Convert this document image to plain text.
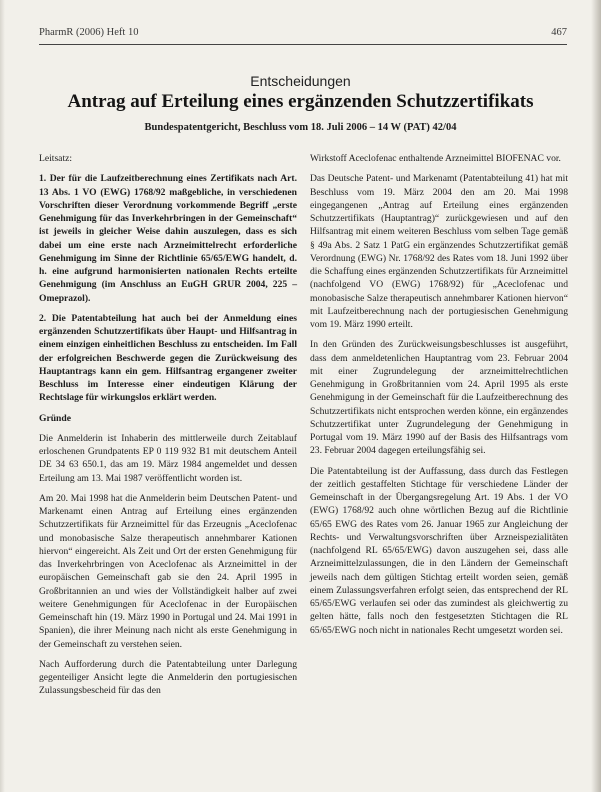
PharmR (2006) Heft 10	467
Entscheidungen
Antrag auf Erteilung eines ergänzenden Schutzzertifikats
Bundespatentgericht, Beschluss vom 18. Juli 2006 – 14 W (PAT) 42/04

Leitsatz:

1. Der für die Laufzeitberechnung eines Zertifikats nach Art. 13 Abs. 1 VO (EWG) 1768/92 maßgebliche, in verschiedenen Vorschriften dieser Verordnung vorkommende Begriff „erste Genehmigung für das Inverkehrbringen in der Gemeinschaft“ ist jeweils in gleicher Weise dahin auszulegen, dass es sich dabei um eine erste nach Arzneimittelrecht erforderliche Genehmigung im Sinne der Richtlinie 65/65/EWG handelt, d. h. eine aufgrund harmonisierten nationalen Rechts erteilte Genehmigung (im Anschluss an EuGH GRUR 2004, 225 – Omeprazol).

2. Die Patentabteilung hat auch bei der Anmeldung eines ergänzenden Schutzzertifikats über Haupt- und Hilfsantrag in einem einzigen einheitlichen Beschluss zu entscheiden. Im Fall der erfolgreichen Beschwerde gegen die Zurückweisung des Hauptantrags kann ein gem. Hilfsantrag ergangener zweiter Beschluss im Interesse einer eindeutigen Klärung der Rechtslage für wirkungslos erklärt werden.

Gründe

Die Anmelderin ist Inhaberin des mittlerweile durch Zeitablauf erloschenen Grundpatents EP 0 119 932 B1 mit deutschem Anteil DE 34 63 650.1, das am 19. März 1984 angemeldet und dessen Erteilung am 13. Mai 1987 veröffentlicht worden ist.

Am 20. Mai 1998 hat die Anmelderin beim Deutschen Patent- und Markenamt einen Antrag auf Erteilung eines ergänzenden Schutzzertifikats für Arzneimittel für das Erzeugnis „Aceclofenac und monobasische Salze therapeutisch annehmbarer Kationen hiervon“ eingereicht. Als Zeit und Ort der ersten Genehmigung für das Inverkehrbringen von Aceclofenac als Arzneimittel in der europäischen Gemeinschaft gab sie den 24. April 1995 in Großbritannien an und wies der Vollständigkeit halber auf zwei weitere Genehmigungen für Aceclofenac in der Europäischen Gemeinschaft hin (19. März 1990 in Portugal und 24. Mai 1991 in Spanien), die ihrer Meinung nach nicht als erste Genehmigung in der Gemeinschaft zu verstehen seien.

Nach Aufforderung durch die Patentabteilung unter Darlegung gegenteiliger Ansicht legte die Anmelderin den portugiesischen Zulassungsbescheid für das den

Wirkstoff Aceclofenac enthaltende Arzneimittel BIOFENAC vor.

Das Deutsche Patent- und Markenamt (Patentabteilung 41) hat mit Beschluss vom 19. März 2004 den am 20. Mai 1998 eingegangenen „Antrag auf Erteilung eines ergänzenden Schutzzertifikats (Hauptantrag)“ zurückgewiesen und auf den Hilfsantrag mit einem weiteren Beschluss vom selben Tage gemäß § 49a Abs. 2 Satz 1 PatG ein ergänzendes Schutzzertifikat gemäß Verordnung (EWG) Nr. 1768/92 des Rates vom 18. Juni 1992 über die Schaffung eines ergänzenden Schutzzertifikats für Arzneimittel (nachfolgend VO (EWG) 1768/92) für „Aceclofenac und monobasische Salze therapeutisch annehmbarer Kationen hiervon“ mit Laufzeitberechnung nach der portugiesischen Genehmigung vom 19. März 1990 erteilt.

In den Gründen des Zurückweisungsbeschlusses ist ausgeführt, dass dem anmeldetenlichen Hauptantrag vom 23. Februar 2004 mit einer Zugrundelegung der arzneimittelrechtlichen Genehmigung in Großbritannien vom 24. April 1995 als erste Genehmigung in der Gemeinschaft für die Laufzeitberechnung des Schutzzertifikats nicht entsprochen werden könne, ein ergänzendes Schutzzertifikat unter Zugrundelegung der Genehmigung in Portugal vom 19. März 1990 auf der Basis des Hilfsantrags vom 23. Februar 2004 dagegen erteilungsfähig sei.

Die Patentabteilung ist der Auffassung, dass durch das Festlegen der zeitlich gestaffelten Stichtage für verschiedene Länder der Gemeinschaft in der Übergangsregelung Art. 19 Abs. 1 der VO (EWG) 1768/92 auch ohne wörtlichen Bezug auf die Richtlinie 65/65 EWG des Rates vom 26. Januar 1965 zur Angleichung der Rechts- und Verwaltungsvorschriften über Arzneispezialitäten (nachfolgend RL 65/65/EWG) davon auszugehen sei, dass alle Arzneimittelzulassungen, die in den Ländern der Gemeinschaft jeweils nach dem gültigen Stichtag erteilt worden seien, gemäß einem Zulassungsverfahren erfolgt seien, das entsprechend der RL 65/65/EWG verlaufen sei oder das zumindest als gleichwertig zu gelten hätte, falls noch den festgesetzten Stichtagen die RL 65/65/EWG noch nicht in nationales Recht umgesetzt worden sei.
